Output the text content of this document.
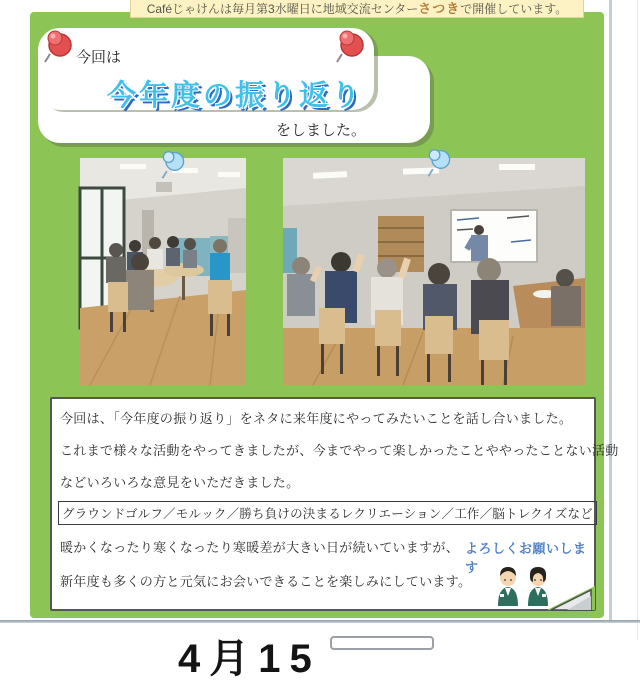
Caféじゃけんは毎月第3水曜日に地域交流センターさつきで開催しています。
今回は
今年度の振り返り
をしました。
今回は、「今年度の振り返り」をネタに来年度にやってみたいことを話し合いました。
これまで様々な活動をやってきましたが、今までやって楽しかったことややったことない活動
などいろいろな意見をいただきました。
グラウンドゴルフ／モルック／勝ち負けの決まるレクリエーション／工作／脳トレクイズなど
暖かくなったり寒くなったり寒暖差が大きい日が続いていますが、
新年度も多くの方と元気にお会いできることを楽しみにしています。
よろしくお願いします
4月15
